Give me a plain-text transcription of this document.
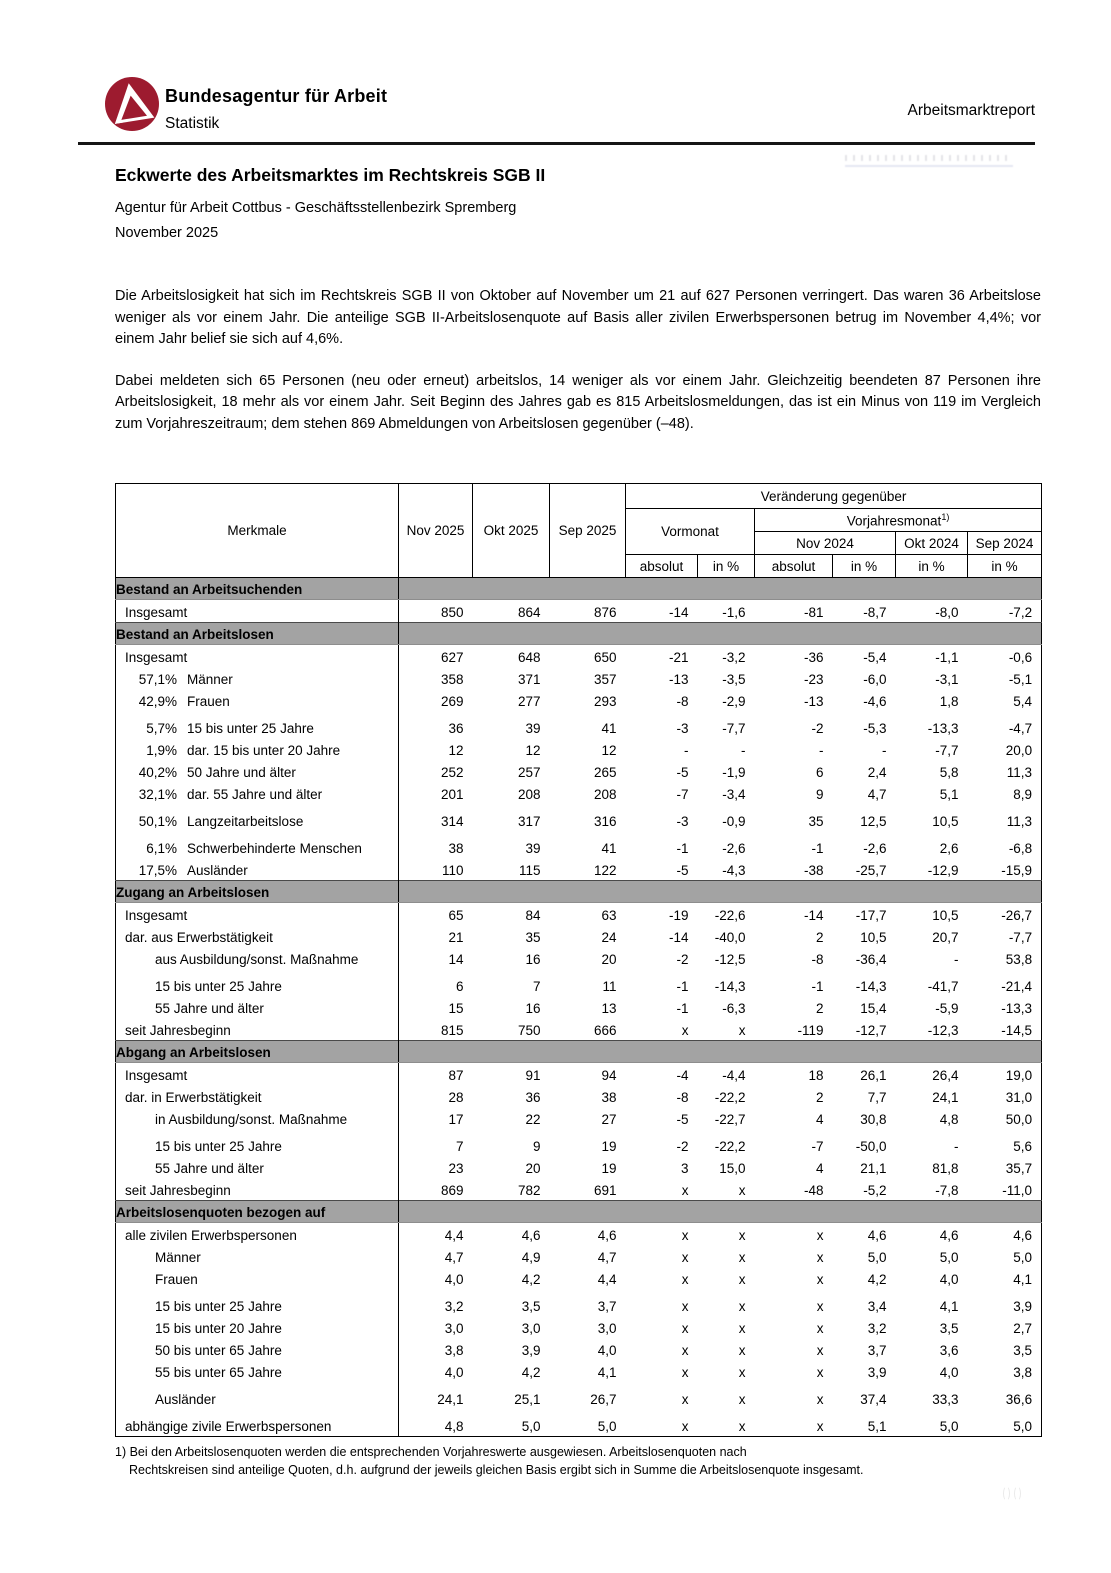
Bundesagentur für Arbeit
Statistik
Arbeitsmarktreport
Eckwerte des Arbeitsmarktes im Rechtskreis SGB II
Agentur für Arbeit Cottbus - Geschäftsstellenbezirk Spremberg
November 2025

Die Arbeitslosigkeit hat sich im Rechtskreis SGB II von Oktober auf November um 21 auf 627 Personen verringert. Das waren 36 Arbeitslose weniger als vor einem Jahr. Die anteilige SGB II-Arbeitslosenquote auf Basis aller zivilen Erwerbspersonen betrug im November 4,4%; vor einem Jahr belief sie sich auf 4,6%.

Dabei meldeten sich 65 Personen (neu oder erneut) arbeitslos, 14 weniger als vor einem Jahr. Gleichzeitig beendeten 87 Personen ihre Arbeitslosigkeit, 18 mehr als vor einem Jahr. Seit Beginn des Jahres gab es 815 Arbeitslosmeldungen, das ist ein Minus von 119 im Vergleich zum Vorjahreszeitraum; dem stehen 869 Abmeldungen von Arbeitslosen gegenüber (–48).

Merkmale	Nov 2025	Okt 2025	Sep 2025	Veränderung gegenüber					
				Vormonat		Vorjahresmonat$^{1)}$
						Nov 2024		Okt 2024	Sep 2024
				absolut	in %	absolut	in %	in %	in %
Bestand an Arbeitsuchenden									
Insgesamt	850	864	876	-14	-1,6	-81	-8,7	-8,0	-7,2
Bestand an Arbeitslosen									
Insgesamt	627	648	650	-21	-3,2	-36	-5,4	-1,1	-0,6
57,1% Männer	358	371	357	-13	-3,5	-23	-6,0	-3,1	-5,1
42,9% Frauen	269	277	293	-8	-2,9	-13	-4,6	1,8	5,4
5,7% 15 bis unter 25 Jahre	36	39	41	-3	-7,7	-2	-5,3	-13,3	-4,7
1,9% dar. 15 bis unter 20 Jahre	12	12	12	-	-	-	-	-7,7	20,0
40,2% 50 Jahre und älter	252	257	265	-5	-1,9	6	2,4	5,8	11,3
32,1% dar. 55 Jahre und älter	201	208	208	-7	-3,4	9	4,7	5,1	8,9
50,1% Langzeitarbeitslose	314	317	316	-3	-0,9	35	12,5	10,5	11,3
6,1% Schwerbehinderte Menschen	38	39	41	-1	-2,6	-1	-2,6	2,6	-6,8
17,5% Ausländer	110	115	122	-5	-4,3	-38	-25,7	-12,9	-15,9
Zugang an Arbeitslosen									
Insgesamt	65	84	63	-19	-22,6	-14	-17,7	10,5	-26,7
dar. aus Erwerbstätigkeit	21	35	24	-14	-40,0	2	10,5	20,7	-7,7
aus Ausbildung/sonst. Maßnahme	14	16	20	-2	-12,5	-8	-36,4	-	53,8
15 bis unter 25 Jahre	6	7	11	-1	-14,3	-1	-14,3	-41,7	-21,4
55 Jahre und älter	15	16	13	-1	-6,3	2	15,4	-5,9	-13,3
seit Jahresbeginn	815	750	666	x	x	-119	-12,7	-12,3	-14,5
Abgang an Arbeitslosen									
Insgesamt	87	91	94	-4	-4,4	18	26,1	26,4	19,0
dar. in Erwerbstätigkeit	28	36	38	-8	-22,2	2	7,7	24,1	31,0
in Ausbildung/sonst. Maßnahme	17	22	27	-5	-22,7	4	30,8	4,8	50,0
15 bis unter 25 Jahre	7	9	19	-2	-22,2	-7	-50,0	-	5,6
55 Jahre und älter	23	20	19	3	15,0	4	21,1	81,8	35,7
seit Jahresbeginn	869	782	691	x	x	-48	-5,2	-7,8	-11,0
Arbeitslosenquoten bezogen auf									
alle zivilen Erwerbspersonen	4,4	4,6	4,6	x	x	x	4,6	4,6	4,6
Männer	4,7	4,9	4,7	x	x	x	5,0	5,0	5,0
Frauen	4,0	4,2	4,4	x	x	x	4,2	4,0	4,1
15 bis unter 25 Jahre	3,2	3,5	3,7	x	x	x	3,4	4,1	3,9
15 bis unter 20 Jahre	3,0	3,0	3,0	x	x	x	3,2	3,5	2,7
50 bis unter 65 Jahre	3,8	3,9	4,0	x	x	x	3,7	3,6	3,5
55 bis unter 65 Jahre	4,0	4,2	4,1	x	x	x	3,9	4,0	3,8
Ausländer	24,1	25,1	26,7	x	x	x	37,4	33,3	36,6
abhängige zivile Erwerbspersonen	4,8	5,0	5,0	x	x	x	5,1	5,0	5,0
1) Bei den Arbeitslosenquoten werden die entsprechenden Vorjahreswerte ausgewiesen. Arbeitslosenquoten nach
Rechtskreisen sind anteilige Quoten, d.h. aufgrund der jeweils gleichen Basis ergibt sich in Summe die Arbeitslosenquote insgesamt.
